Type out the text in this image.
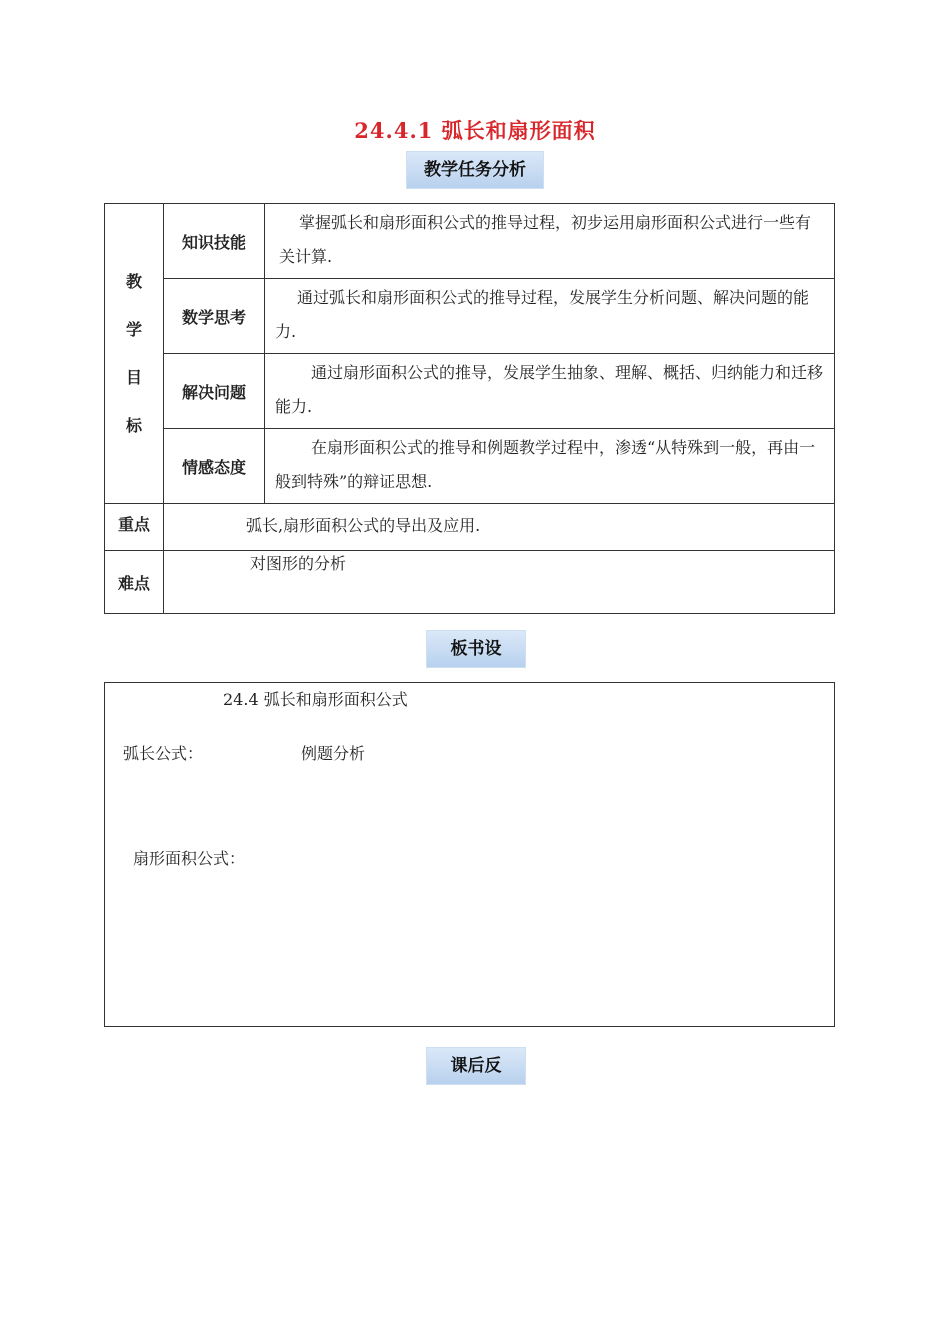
24.4.1 弧长和扇形面积
教学任务分析
教
学
目
标	知识技能	掌握弧长和扇形面积公式的推导过程，初步运用扇形面积公式进行一些有关计算.
	数学思考	通过弧长和扇形面积公式的推导过程，发展学生分析问题、解决问题的能力.
	解决问题	通过扇形面积公式的推导，发展学生抽象、理解、概括、归纳能力和迁移能力.
	情感态度	在扇形面积公式的推导和例题教学过程中，渗透“从特殊到一般，再由一般到特殊”的辩证思想.
重点	弧长,扇形面积公式的导出及应用.	
难点	对图形的分析	
板书设
24.4 弧长和扇形面积公式
弧长公式：	例题分析
扇形面积公式：
课后反
